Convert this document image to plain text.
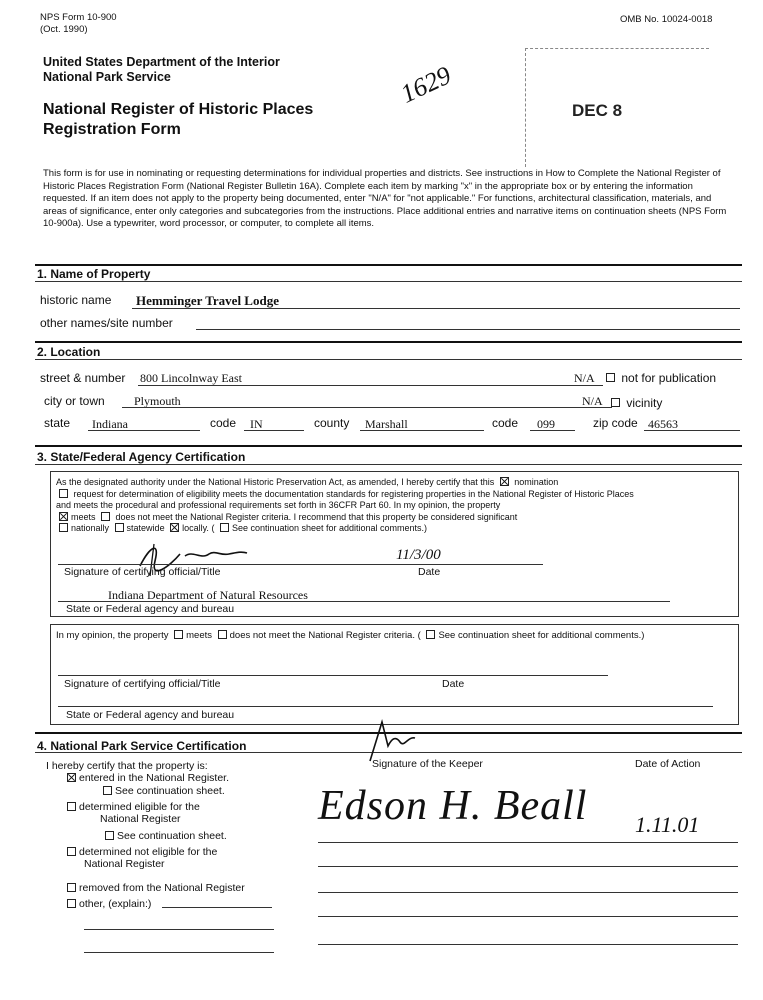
NPS Form 10-900
(Oct. 1990)
OMB No. 10024-0018
United States Department of the Interior
National Park Service
National Register of Historic Places
Registration Form
1629
DEC 8
This form is for use in nominating or requesting determinations for individual properties and districts. See instructions in How to Complete the National Register of Historic Places Registration Form (National Register Bulletin 16A). Complete each item by marking "x" in the appropriate box or by entering the information requested. If an item does not apply to the property being documented, enter "N/A" for "not applicable." For functions, architectural classification, materials, and areas of significance, enter only categories and subcategories from the instructions. Place additional entries and narrative items on continuation sheets (NPS Form 10-900a). Use a typewriter, word processor, or computer, to complete all items.
1. Name of Property
historic name Hemminger Travel Lodge
other names/site number
2. Location
street & number 800 Lincolnway East	N/A	not for publication
city or town Plymouth	N/A	vicinity
state Indiana	code IN	county Marshall	code 099	zip code 46563
3. State/Federal Agency Certification
As the designated authority under the National Historic Preservation Act, as amended, I hereby certify that this nomination
request for determination of eligibility meets the documentation standards for registering properties in the National Register of Historic Places and meets the procedural and professional requirements set forth in 36CFR Part 60. In my opinion, the property
meets does not meet the National Register criteria. I recommend that this property be considered significant
nationally statewide locally. ( See continuation sheet for additional comments.)
11/3/00
Signature of certifying official/Title	Date
Indiana Department of Natural Resources
State or Federal agency and bureau
In my opinion, the property meets does not meet the National Register criteria. ( See continuation sheet for additional comments.)
Signature of certifying official/Title	Date
State or Federal agency and bureau
4. National Park Service Certification
I hereby certify that the property is:	Signature of the Keeper	Date of Action
entered in the National Register.
See continuation sheet.
determined eligible for the
National Register
See continuation sheet.
determined not eligible for the
National Register
removed from the National Register
other, (explain:)
Edson H. Beall 1.11.01
